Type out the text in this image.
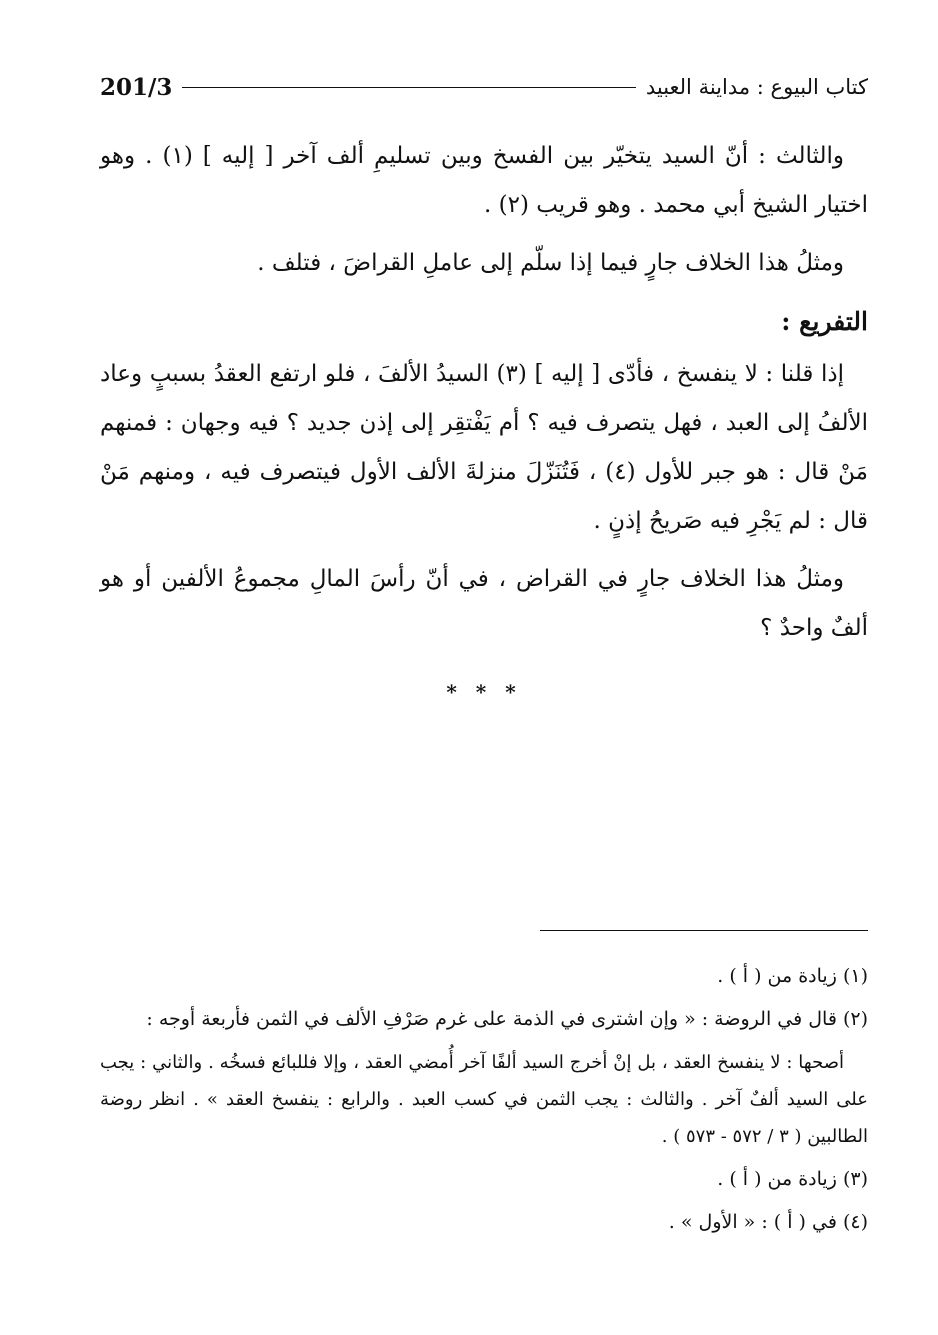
201/3	كتاب البيوع : مداينة العبيد

والثالث : أنّ السيد يتخيّر بين الفسخ وبين تسليمِ ألف آخر [ إليه ] (١) . وهو اختيار الشيخ أبي محمد . وهو قريب (٢) .

ومثلُ هذا الخلاف جارٍ فيما إذا سلّم إلى عاملِ القراضَ ، فتلف .

التفريع :

إذا قلنا : لا ينفسخ ، فأدّى [ إليه ] (٣) السيدُ الألفَ ، فلو ارتفع العقدُ بسببٍ وعاد الألفُ إلى العبد ، فهل يتصرف فيه ؟ أم يَفْتقِر إلى إذن جديد ؟ فيه وجهان : فمنهم مَنْ قال : هو جبر للأول (٤) ، فَتُنَزّلَ منزلةَ الألف الأول فيتصرف فيه ، ومنهم مَنْ قال : لم يَجْرِ فيه صَريحُ إذنٍ .

ومثلُ هذا الخلاف جارٍ في القراض ، في أنّ رأسَ المالِ مجموعُ الألفين أو هو ألفٌ واحدٌ ؟

* * *

(١) زيادة من ( أ ) .

(٢) قال في الروضة : « وإن اشترى في الذمة على غرم صَرْفِ الألف في الثمن فأربعة أوجه :

أصحها : لا ينفسخ العقد ، بل إنْ أخرج السيد ألفًا آخر أُمضي العقد ، وإلا فللبائع فسخُه . والثاني : يجب على السيد ألفٌ آخر . والثالث : يجب الثمن في كسب العبد . والرابع : ينفسخ العقد » . انظر روضة الطالبين ( ٣ / ٥٧٢ - ٥٧٣ ) .

(٣) زيادة من ( أ ) .

(٤) في ( أ ) : « الأول » .
